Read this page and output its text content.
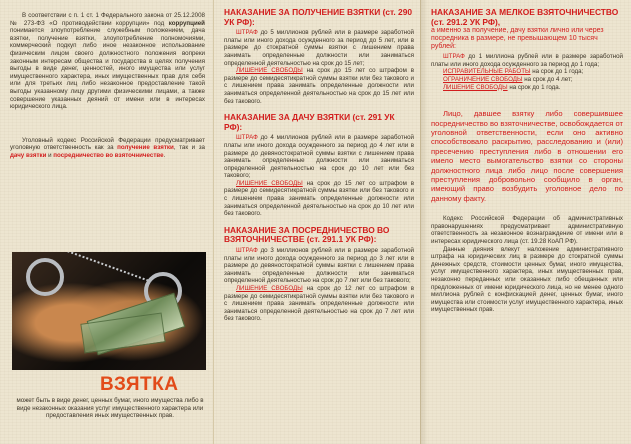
В соответствии с п. 1 ст. 1 Федерального закона от 25.12.2008 № 273-ФЗ «О противодействии коррупции» под коррупцией понимается злоупотребление служебным положением, дача взятки, получение взятки, злоупотребление полномочиями, коммерческий подкуп либо иное незаконное использование физическим лицом своего должностного положения вопреки законным интересам общества и государства в целях получения выгоды в виде денег, ценностей, иного имущества или услуг имущественного характера, иных имущественных прав для себя или для третьих лиц либо незаконное предоставление такой выгоды указанному лицу другими физическими лицами, а также совершение указанных деяний от имени или в интересах юридического лица.
Уголовный кодекс Российской Федерации предусматривает уголовную ответственность как за получение взятки, так и за дачу взятки и посредничество во взяточничестве.
ВЗЯТКА
может быть в виде денег, ценных бумаг, иного имущества либо в виде незаконных оказания услуг имущественного характера или предоставления иных имущественных прав.
НАКАЗАНИЕ ЗА ПОЛУЧЕНИЕ ВЗЯТКИ (ст. 290 УК РФ):
ШТРАФ до 5 миллионов рублей или в размере заработной платы или иного дохода осужденного за период до 5 лет, или в размере до стократной суммы взятки с лишением права занимать определенные должности или заниматься определенной деятельностью на срок до 15 лет;
ЛИШЕНИЕ СВОБОДЫ на срок до 15 лет со штрафом в размере до семидесятикратной суммы взятки или без такового и с лишением права занимать определенные должности или заниматься определенной деятельностью на срок до 15 лет или без такового.
НАКАЗАНИЕ ЗА ДАЧУ ВЗЯТКИ (ст. 291 УК РФ):
ШТРАФ до 4 миллионов рублей или в размере заработной платы или иного дохода осужденного за период до 4 лет или в размере до девяностократной суммы взятки с лишением права занимать определенные должности или заниматься определенной деятельностью на срок до 10 лет или без такового;
ЛИШЕНИЕ СВОБОДЫ на срок до 15 лет со штрафом в размере до семидесятикратной суммы взятки или без такового и с лишением права занимать определенные должности или заниматься определенной деятельностью на срок до 10 лет или без такового.
НАКАЗАНИЕ ЗА ПОСРЕДНИЧЕСТВО ВО ВЗЯТОЧНИЧЕСТВЕ (ст. 291.1 УК РФ):
ШТРАФ до 3 миллионов рублей или в размере заработной платы или иного дохода осужденного за период до 3 лет или в размере до девяностократной суммы взятки с лишением права занимать определенные должности или заниматься определенной деятельностью на срок до 7 лет или без такового;
ЛИШЕНИЕ СВОБОДЫ на срок до 12 лет со штрафом в размере до семидесятикратной суммы взятки или без такового и с лишением права занимать определенные должности или заниматься определенной деятельностью на срок до 7 лет или без такового.
НАКАЗАНИЕ ЗА МЕЛКОЕ ВЗЯТОЧНИЧЕСТВО (ст. 291.2 УК РФ),
а именно за получение, дачу взятки лично или через посредника в размере, не превышающем 10 тысяч рублей:
ШТРАФ до 1 миллиона рублей или в размере заработной платы или иного дохода осужденного за период до 1 года;
ИСПРАВИТЕЛЬНЫЕ РАБОТЫ на срок до 1 года;
ОГРАНИЧЕНИЕ СВОБОДЫ на срок до 4 лет;
ЛИШЕНИЕ СВОБОДЫ на срок до 1 года.
Лицо, давшее взятку либо совершившее посредничество во взяточничестве, освобождается от уголовной ответственности, если оно активно способствовало раскрытию, расследованию и (или) пресечению преступления либо в отношении его имело место вымогательство взятки со стороны должностного лица либо лицо после совершения преступления добровольно сообщило в орган, имеющий право возбудить уголовное дело по данному факту.
Кодекс Российской Федерации об административных правонарушениях предусматривает административную ответственность за незаконное вознаграждение от имени или в интересах юридического лица (ст. 19.28 КоАП РФ).
Данные деяния влекут наложение административного штрафа на юридических лиц в размере до стократной суммы денежных средств, стоимости ценных бумаг, иного имущества, услуг имущественного характера, иных имущественных прав, незаконно переданных или оказанных либо обещанных или предложенных от имени юридического лица, но не менее одного миллиона рублей с конфискацией денег, ценных бумаг, иного имущества или стоимости услуг имущественного характера, иных имущественных прав.
